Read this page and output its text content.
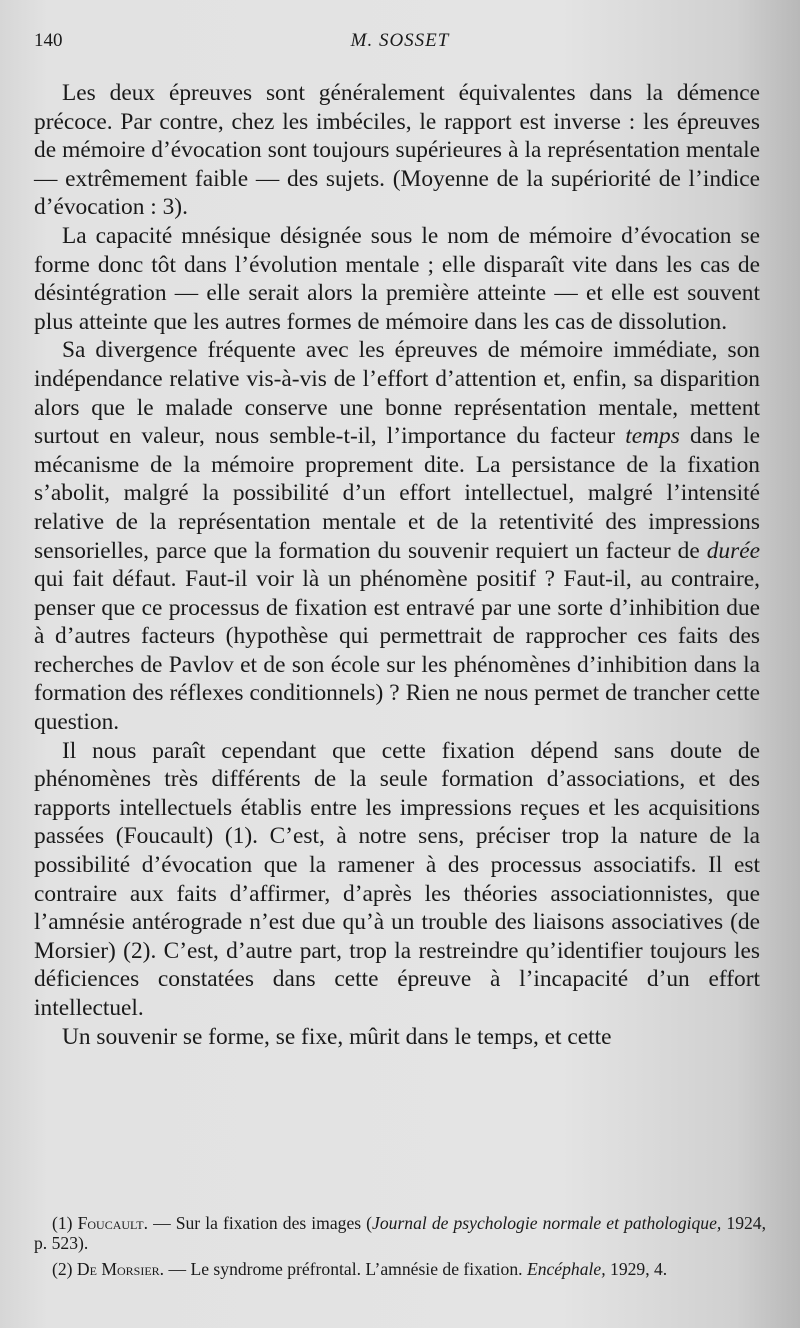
140	M. SOSSET

Les deux épreuves sont généralement équivalentes dans la démence précoce. Par contre, chez les imbéciles, le rapport est inverse : les épreuves de mémoire d’évocation sont toujours supérieures à la représentation mentale — extrêmement faible — des sujets. (Moyenne de la supériorité de l’indice d’évocation : 3).

La capacité mnésique désignée sous le nom de mémoire d’évocation se forme donc tôt dans l’évolution mentale ; elle disparaît vite dans les cas de désintégration — elle serait alors la première atteinte — et elle est souvent plus atteinte que les autres formes de mémoire dans les cas de dissolution.

Sa divergence fréquente avec les épreuves de mémoire immédiate, son indépendance relative vis-à-vis de l’effort d’attention et, enfin, sa disparition alors que le malade conserve une bonne représentation mentale, mettent surtout en valeur, nous semble-t-il, l’importance du facteur temps dans le mécanisme de la mémoire proprement dite. La persistance de la fixation s’abolit, malgré la possibilité d’un effort intellectuel, malgré l’intensité relative de la représentation mentale et de la retentivité des impressions sensorielles, parce que la formation du souvenir requiert un facteur de durée qui fait défaut. Faut-il voir là un phénomène positif ? Faut-il, au contraire, penser que ce processus de fixation est entravé par une sorte d’inhibition due à d’autres facteurs (hypothèse qui permettrait de rapprocher ces faits des recherches de Pavlov et de son école sur les phénomènes d’inhibition dans la formation des réflexes conditionnels) ? Rien ne nous permet de trancher cette question.

Il nous paraît cependant que cette fixation dépend sans doute de phénomènes très différents de la seule formation d’associations, et des rapports intellectuels établis entre les impressions reçues et les acquisitions passées (Foucault) (1). C’est, à notre sens, préciser trop la nature de la possibilité d’évocation que la ramener à des processus associatifs. Il est contraire aux faits d’affirmer, d’après les théories associationnistes, que l’amnésie antérograde n’est due qu’à un trouble des liaisons associatives (de Morsier) (2). C’est, d’autre part, trop la restreindre qu’identifier toujours les déficiences constatées dans cette épreuve à l’incapacité d’un effort intellectuel.

Un souvenir se forme, se fixe, mûrit dans le temps, et cette

(1) Foucault. — Sur la fixation des images (Journal de psychologie normale et pathologique, 1924, p. 523).

(2) De Morsier. — Le syndrome préfrontal. L’amnésie de fixation. Encéphale, 1929, 4.
